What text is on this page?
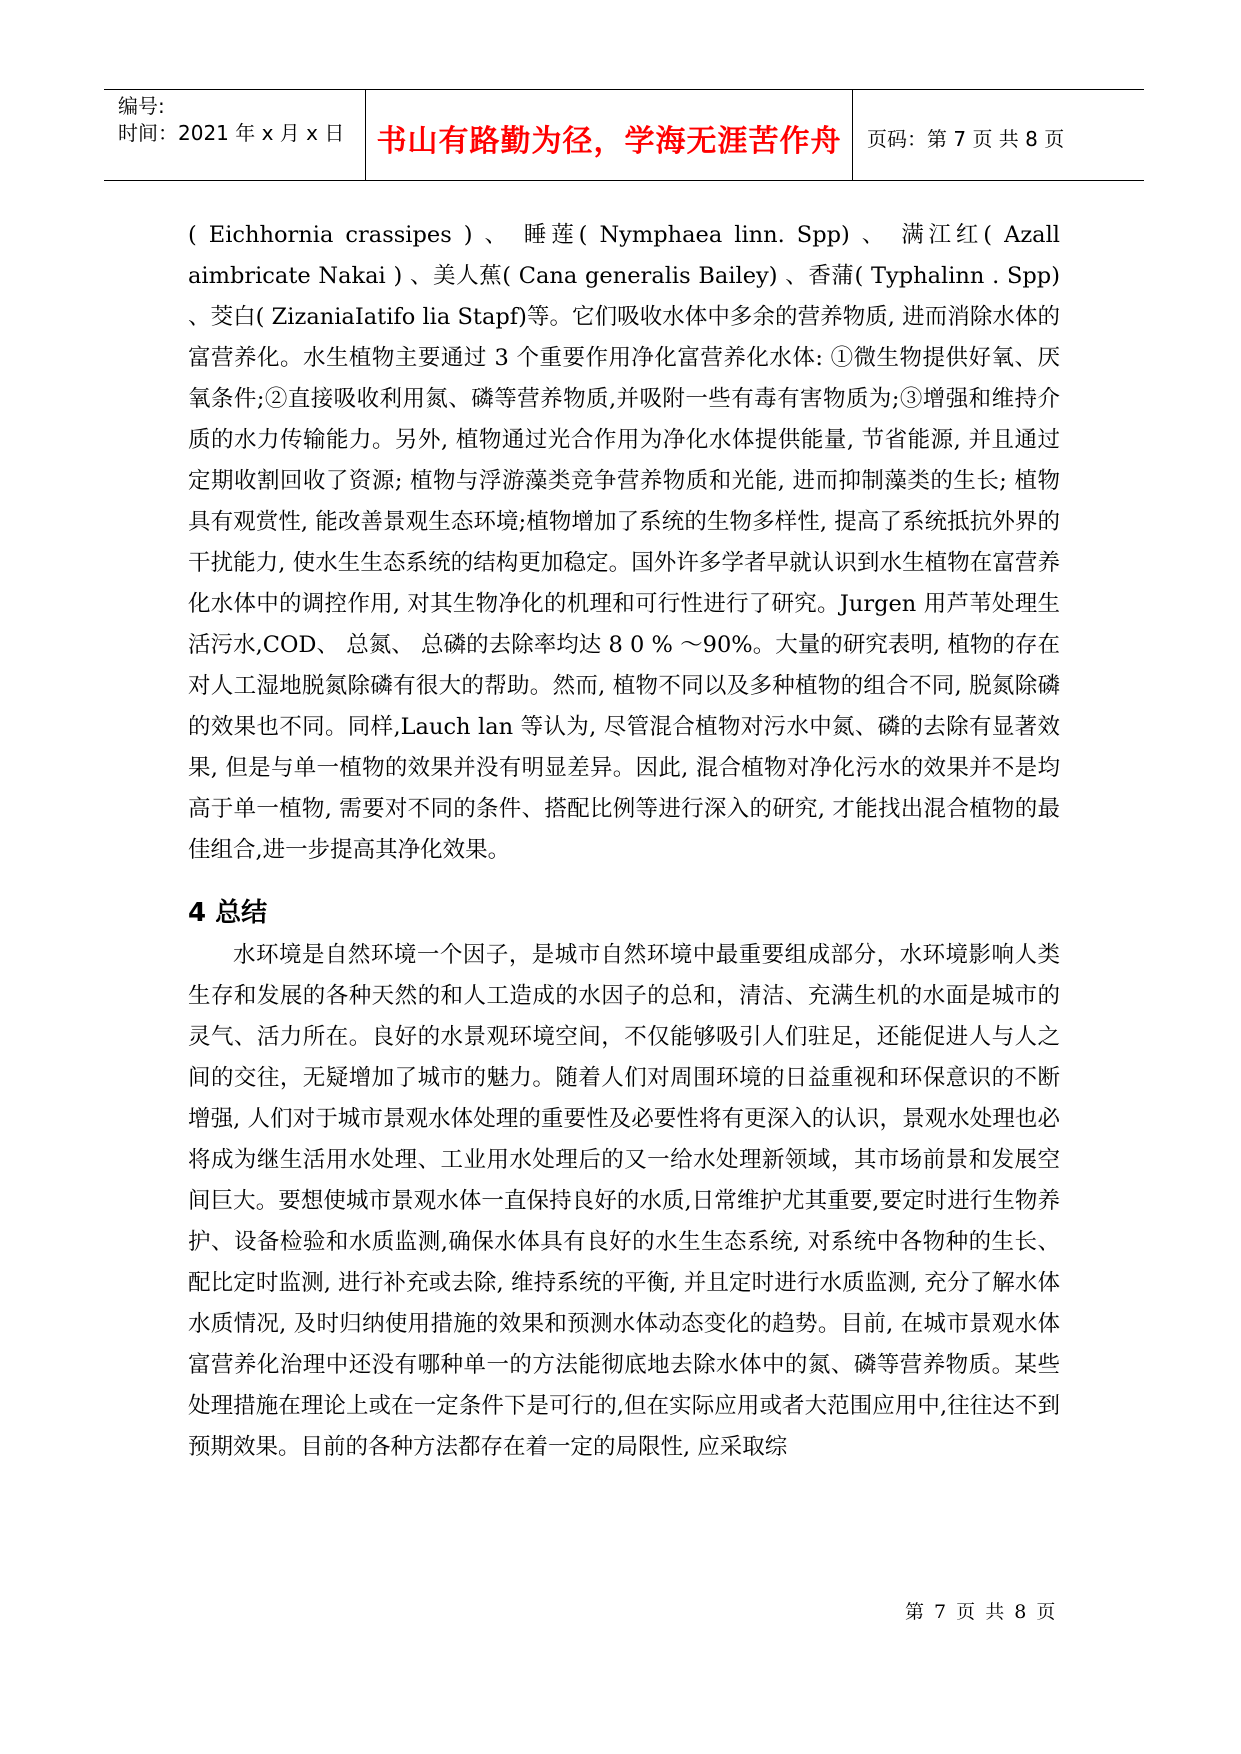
编号:
时间：2021 年 x 月 x 日	书山有路勤为径，学海无涯苦作舟	页码：第 7 页 共 8 页

( Eichhornia crassipes ) 、 睡莲( Nymphaea linn. Spp) 、 满江红( Azall aimbricate Nakai ) 、美人蕉( Cana generalis Bailey) 、香蒲( Typhalinn . Spp) 、茭白( ZizaniaIatifo lia Stapf)等。它们吸收水体中多余的营养物质, 进而消除水体的富营养化。水生植物主要通过 3 个重要作用净化富营养化水体: ①微生物提供好氧、厌氧条件;②直接吸收利用氮、磷等营养物质,并吸附一些有毒有害物质为;③增强和维持介质的水力传输能力。另外, 植物通过光合作用为净化水体提供能量, 节省能源, 并且通过定期收割回收了资源; 植物与浮游藻类竞争营养物质和光能, 进而抑制藻类的生长; 植物具有观赏性, 能改善景观生态环境;植物增加了系统的生物多样性, 提高了系统抵抗外界的干扰能力, 使水生生态系统的结构更加稳定。国外许多学者早就认识到水生植物在富营养化水体中的调控作用, 对其生物净化的机理和可行性进行了研究。Jurgen 用芦苇处理生活污水,COD、 总氮、 总磷的去除率均达 8 0 % ～90%。大量的研究表明, 植物的存在对人工湿地脱氮除磷有很大的帮助。然而, 植物不同以及多种植物的组合不同, 脱氮除磷的效果也不同。同样,Lauch lan 等认为, 尽管混合植物对污水中氮、磷的去除有显著效果, 但是与单一植物的效果并没有明显差异。因此, 混合植物对净化污水的效果并不是均高于单一植物, 需要对不同的条件、搭配比例等进行深入的研究, 才能找出混合植物的最佳组合,进一步提高其净化效果。

4 总结

水环境是自然环境一个因子，是城市自然环境中最重要组成部分，水环境影响人类生存和发展的各种天然的和人工造成的水因子的总和，清洁、充满生机的水面是城市的灵气、活力所在。良好的水景观环境空间，不仅能够吸引人们驻足，还能促进人与人之间的交往，无疑增加了城市的魅力。随着人们对周围环境的日益重视和环保意识的不断增强, 人们对于城市景观水体处理的重要性及必要性将有更深入的认识，景观水处理也必将成为继生活用水处理、工业用水处理后的又一给水处理新领域，其市场前景和发展空间巨大。要想使城市景观水体一直保持良好的水质,日常维护尤其重要,要定时进行生物养护、设备检验和水质监测,确保水体具有良好的水生生态系统, 对系统中各物种的生长、 配比定时监测, 进行补充或去除, 维持系统的平衡, 并且定时进行水质监测, 充分了解水体水质情况, 及时归纳使用措施的效果和预测水体动态变化的趋势。目前, 在城市景观水体富营养化治理中还没有哪种单一的方法能彻底地去除水体中的氮、磷等营养物质。某些处理措施在理论上或在一定条件下是可行的,但在实际应用或者大范围应用中,往往达不到预期效果。目前的各种方法都存在着一定的局限性, 应采取综

第 7 页 共 8 页
